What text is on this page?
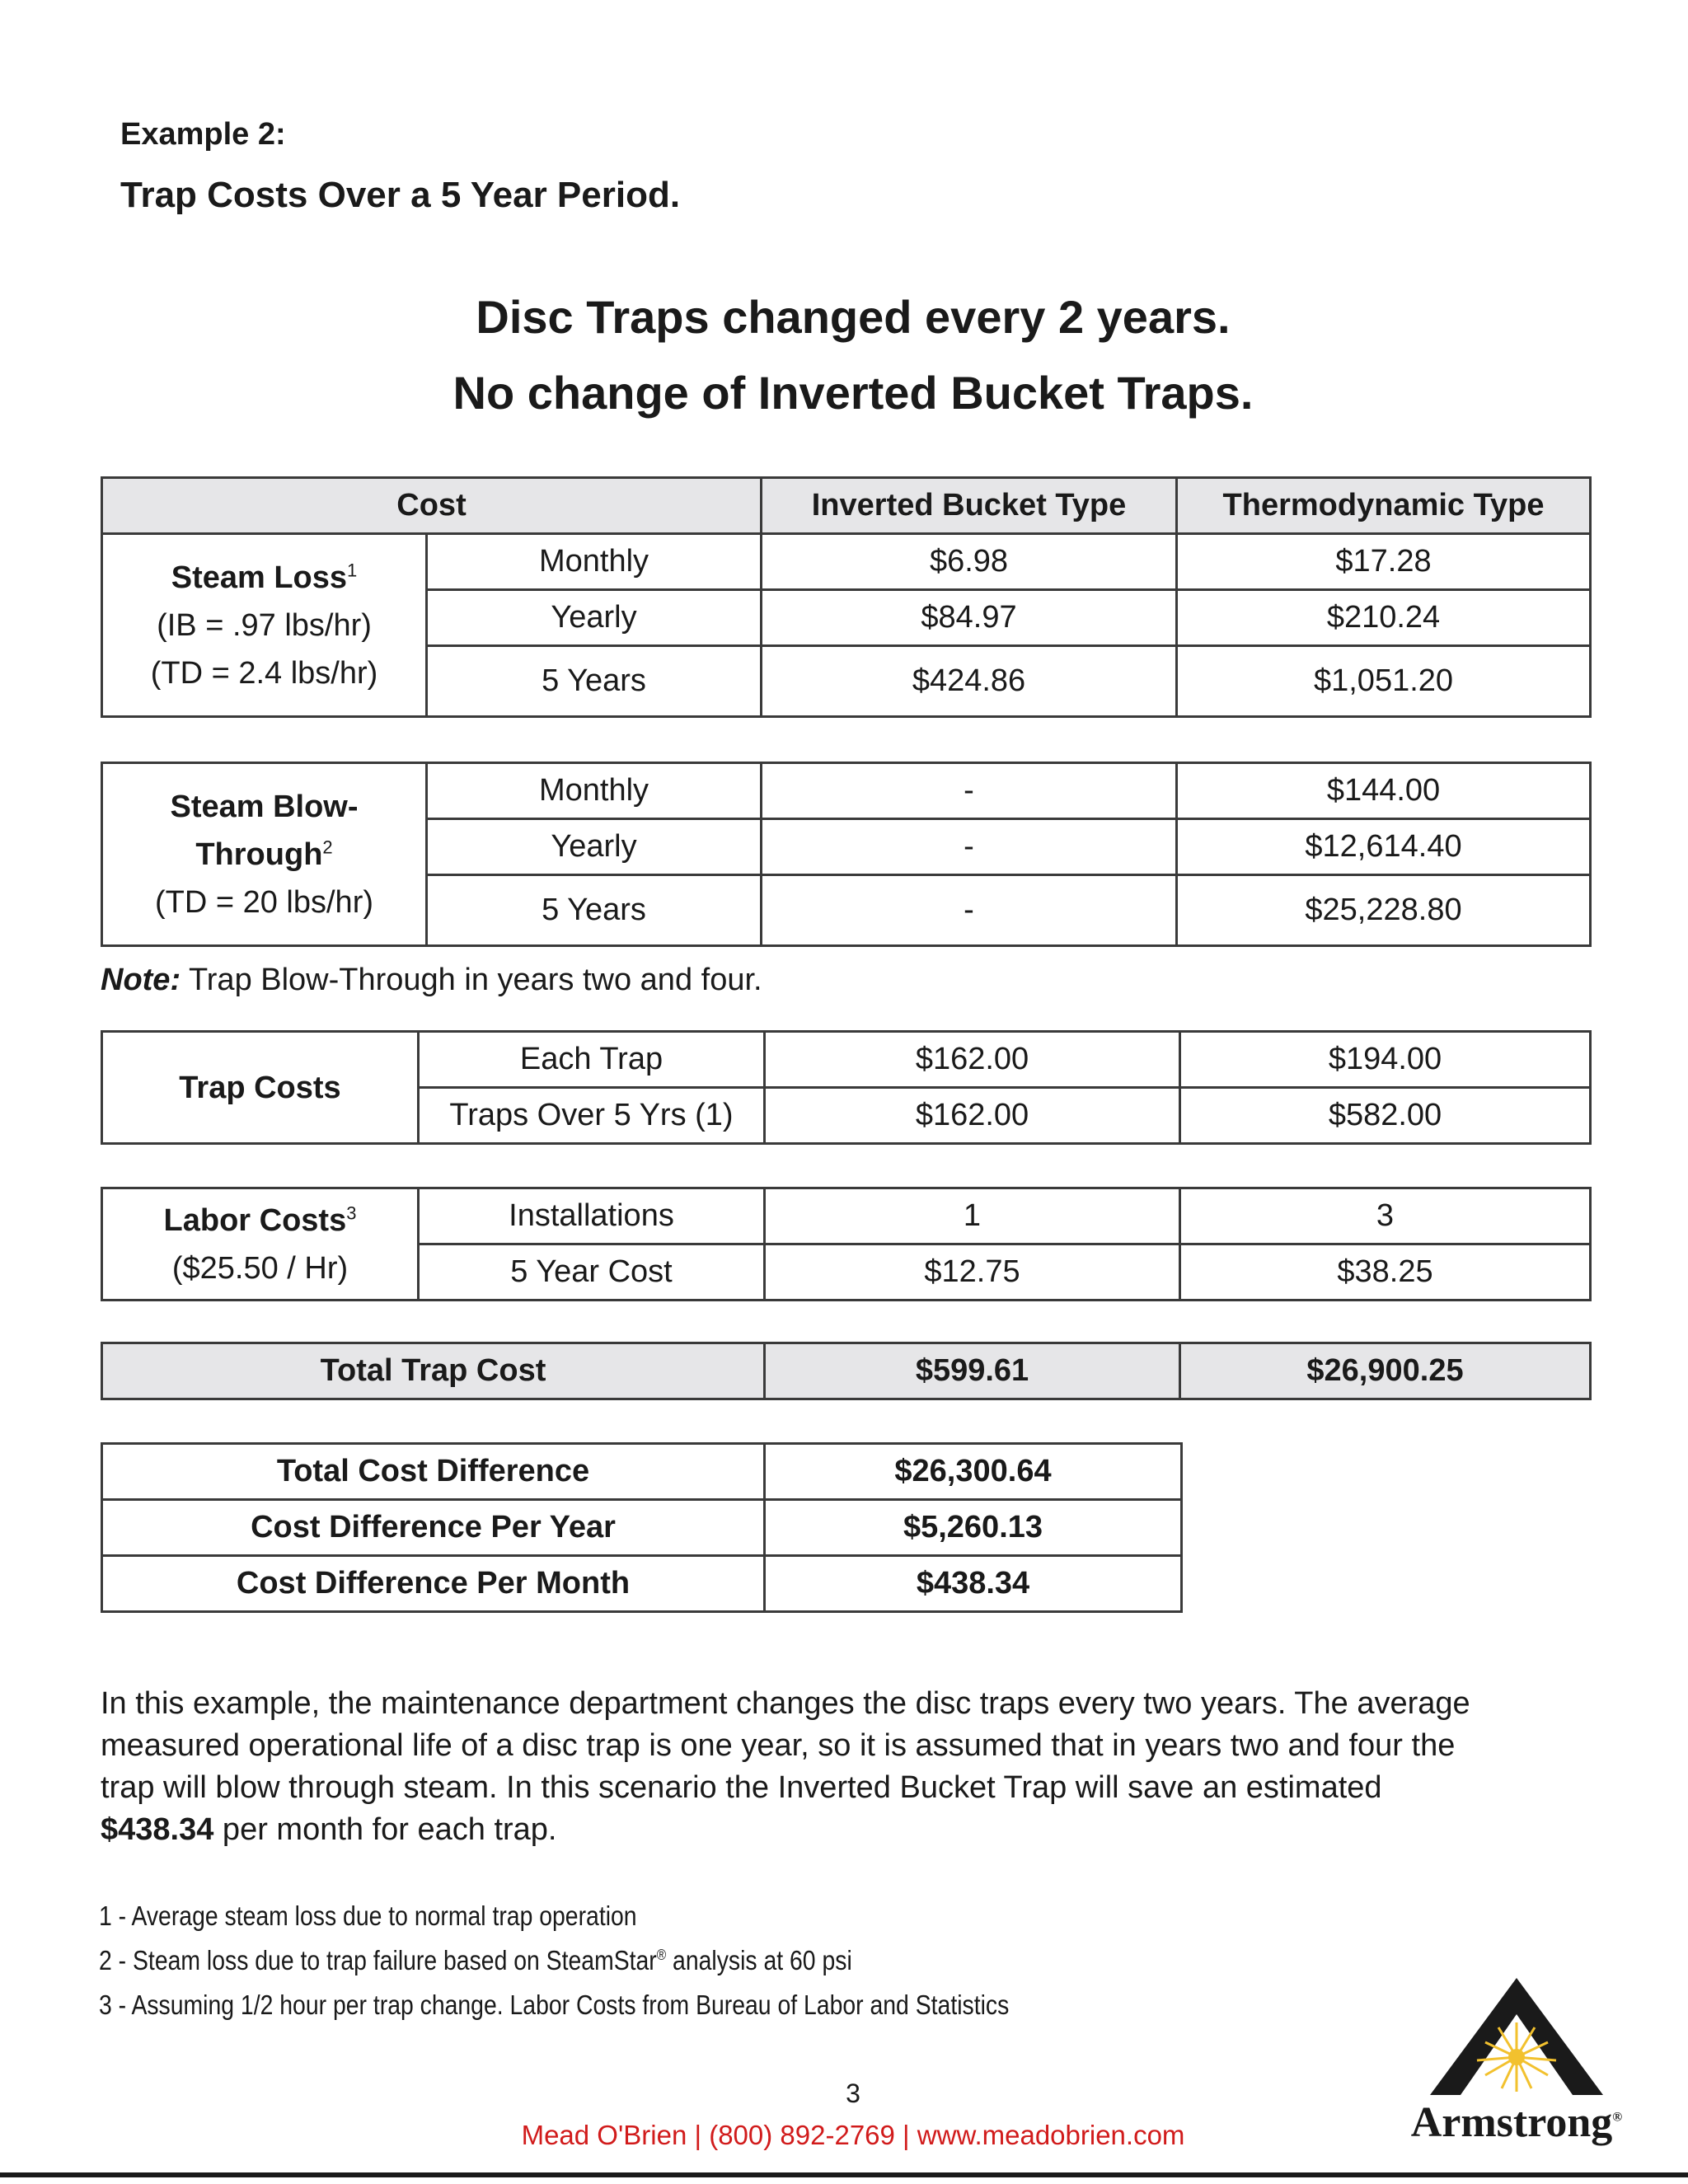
Example 2:
Trap Costs Over a 5 Year Period.
Disc Traps changed every 2 years.
No change of Inverted Bucket Traps.
Cost		Inverted Bucket Type	Thermodynamic Type
Steam Loss$^1$
(IB = .97 lbs/hr)
(TD = 2.4 lbs/hr)	Monthly	$6.98	$17.28
	Yearly	$84.97	$210.24
	5 Years	$424.86	$1,051.20
Steam Blow-
Through$^2$
(TD = 20 lbs/hr)	Monthly	-	$144.00
	Yearly	-	$12,614.40
	5 Years	-	$25,228.80
Note: Trap Blow-Through in years two and four.
Trap Costs	Each Trap	$162.00	$194.00
	Traps Over 5 Yrs (1)	$162.00	$582.00
Labor Costs$^3$
($25.50 / Hr)	Installations	1	3
	5 Year Cost	$12.75	$38.25
Total Trap Cost	$599.61	$26,900.25
Total Cost Difference	$26,300.64
Cost Difference Per Year	$5,260.13
Cost Difference Per Month	$438.34
In this example, the maintenance department changes the disc traps every two years. The average measured operational life of a disc trap is one year, so it is assumed that in years two and four the trap will blow through steam. In this scenario the Inverted Bucket Trap will save an estimated $438.34 per month for each trap.
1 - Average steam loss due to normal trap operation
2 - Steam loss due to trap failure based on SteamStar® analysis at 60 psi
3 - Assuming 1/2 hour per trap change. Labor Costs from Bureau of Labor and Statistics
Armstrong®
3
Mead O'Brien | (800) 892-2769 | www.meadobrien.com
